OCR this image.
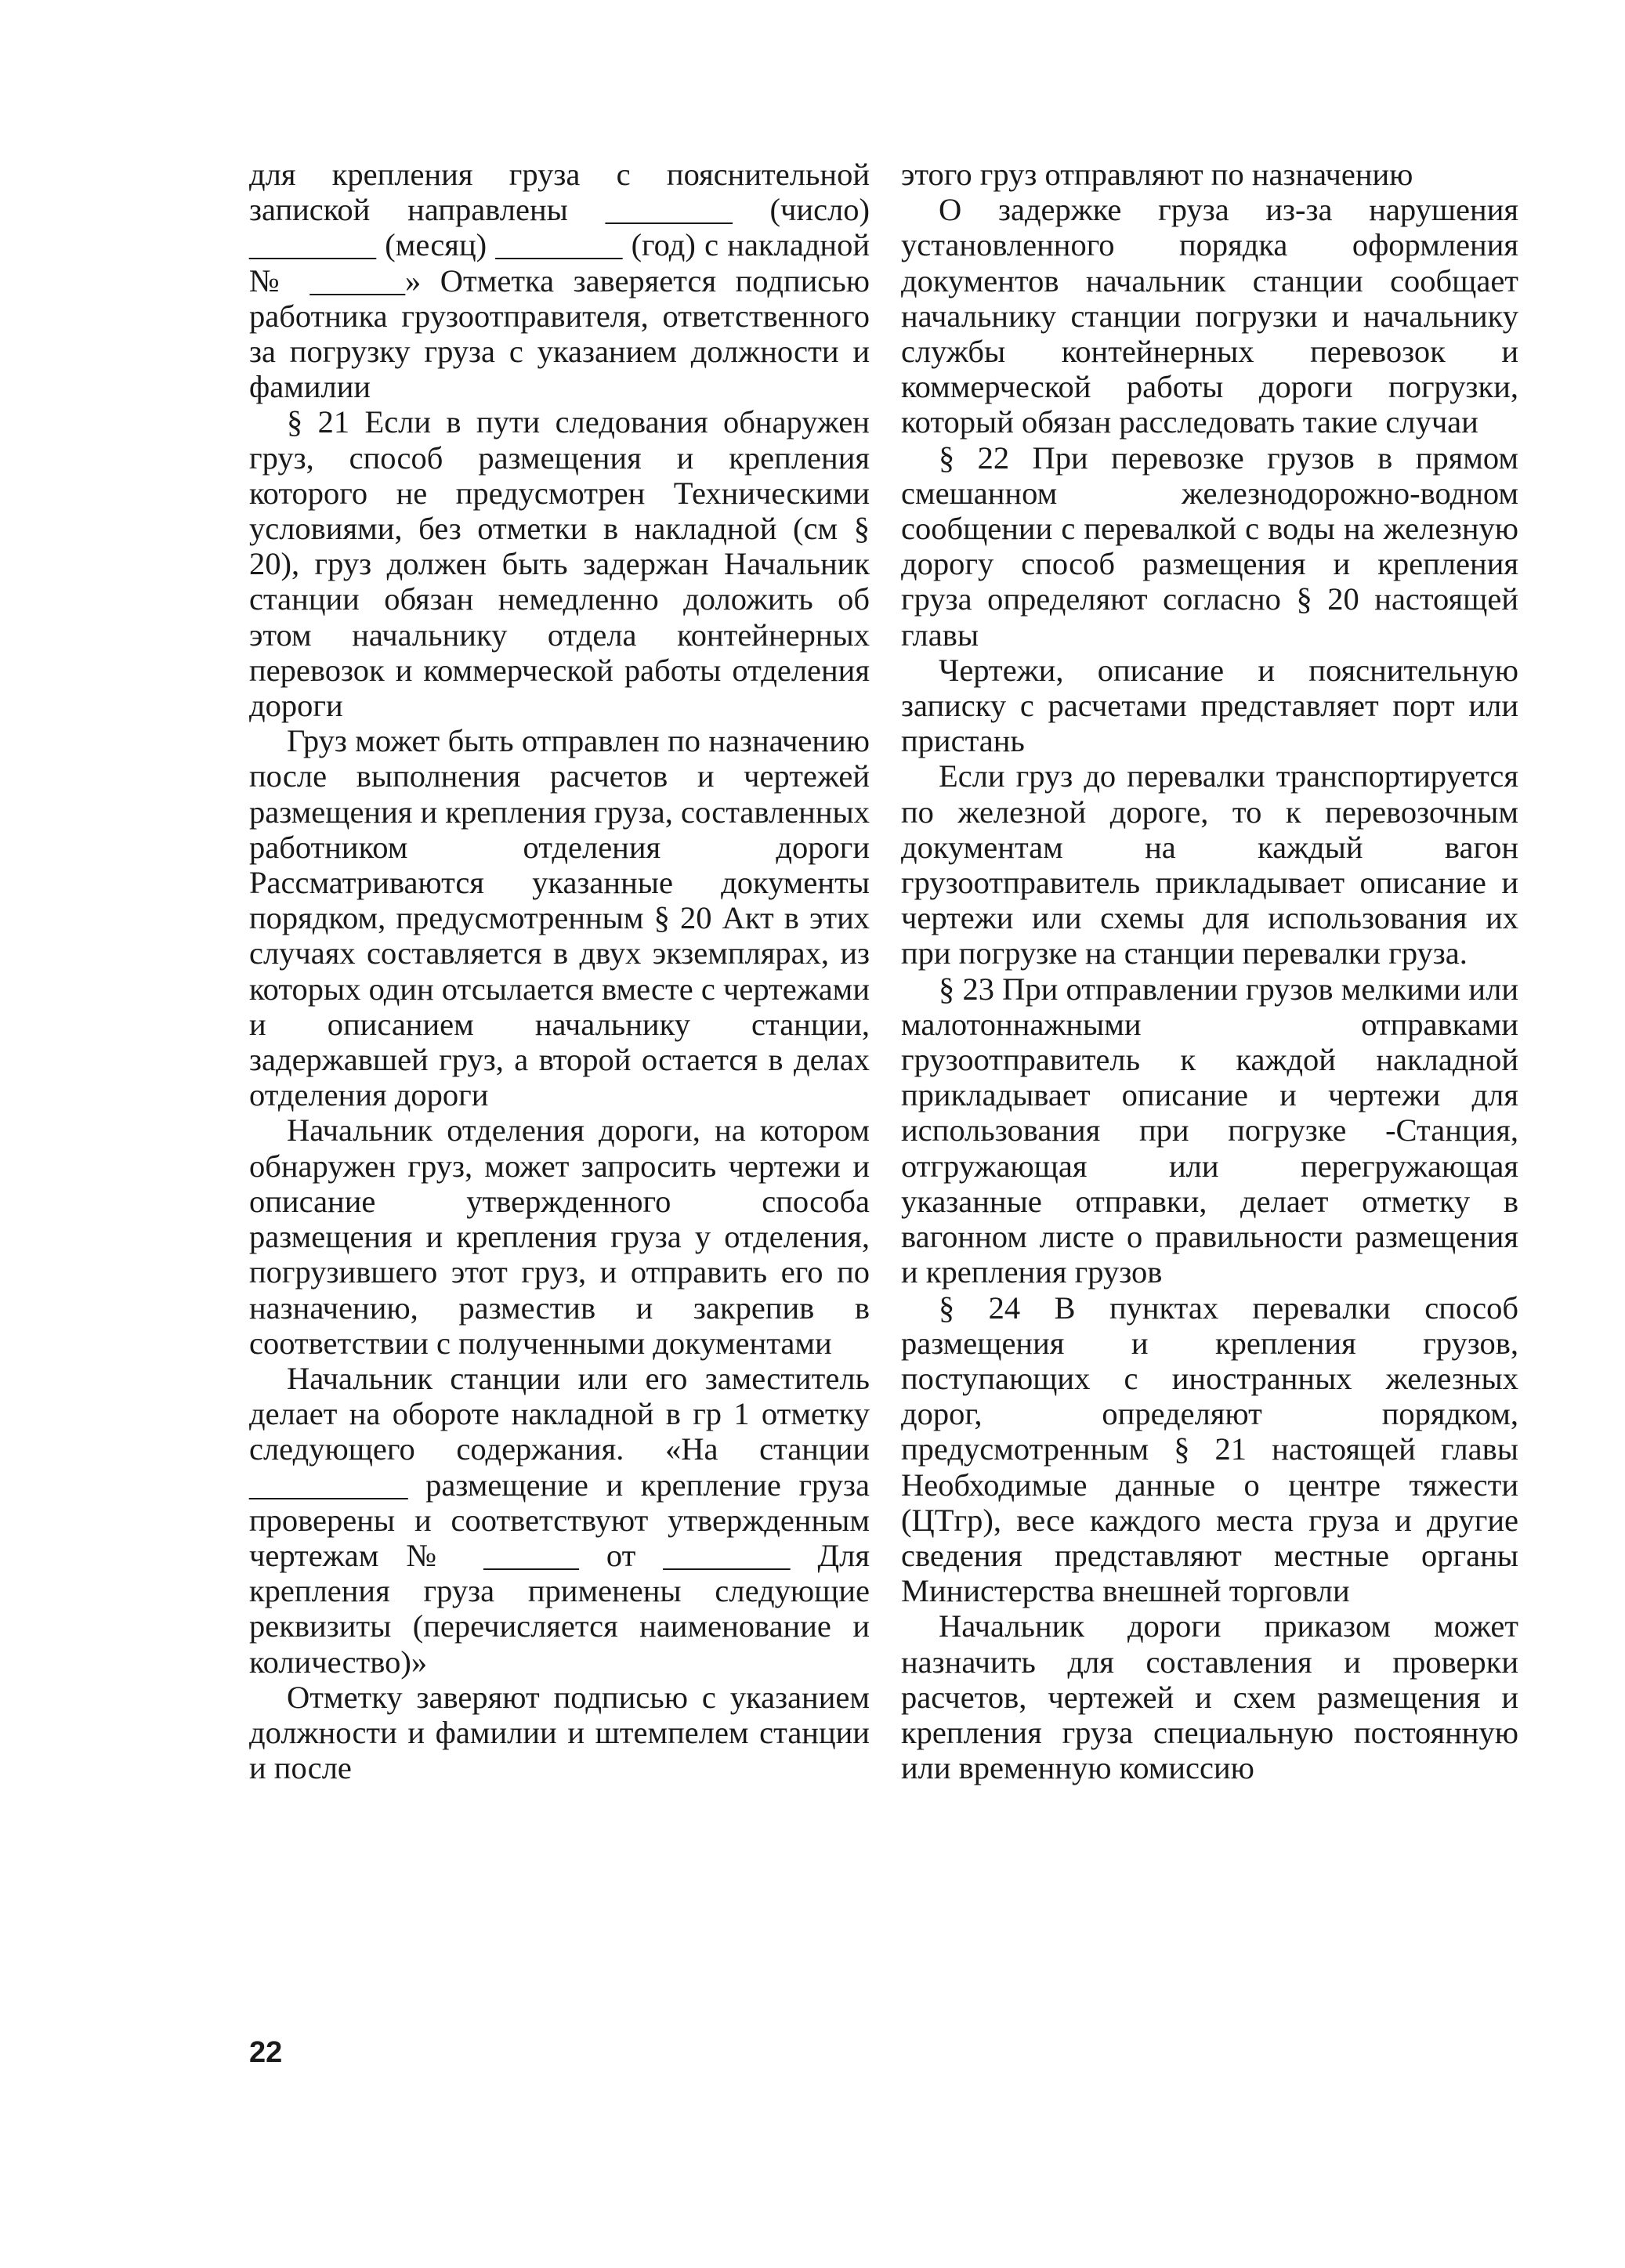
для крепления груза с пояснительной запиской направлены ________ (число) ________ (месяц) ________ (год) с накладной № ______» Отметка заверяется подписью работника грузоотправителя, ответственного за погрузку груза с указанием должности и фамилии

§ 21 Если в пути следования обнаружен груз, способ размещения и крепления которого не предусмотрен Техническими условиями, без отметки в накладной (см § 20), груз должен быть задержан Начальник станции обязан немедленно доложить об этом начальнику отдела контейнерных перевозок и коммерческой работы отделения дороги

Груз может быть отправлен по назначению после выполнения расчетов и чертежей размещения и крепления груза, составленных работником отделения дороги Рассматриваются указанные документы порядком, предусмотренным § 20 Акт в этих случаях составляется в двух экземплярах, из которых один отсылается вместе с чертежами и описанием начальнику станции, задержавшей груз, а второй остается в делах отделения дороги

Начальник отделения дороги, на котором обнаружен груз, может запросить чертежи и описание утвержденного способа размещения и крепления груза у отделения, погрузившего этот груз, и отправить его по назначению, разместив и закрепив в соответствии с полученными документами

Начальник станции или его заместитель делает на обороте накладной в гр 1 отметку следующего содержания. «На станции __________ размещение и крепление груза проверены и соответствуют утвержденным чертежам № ______ от ________ Для крепления груза применены следующие реквизиты (перечисляется наименование и количество)»

Отметку заверяют подписью с указанием должности и фамилии и штемпелем станции и после

этого груз отправляют по назначению

О задержке груза из-за нарушения установленного порядка оформления документов начальник станции сообщает начальнику станции погрузки и начальнику службы контейнерных перевозок и коммерческой работы дороги погрузки, который обязан расследовать такие случаи

§ 22 При перевозке грузов в прямом смешанном железнодорожно-водном сообщении с перевалкой с воды на железную дорогу способ размещения и крепления груза определяют согласно § 20 настоящей главы

Чертежи, описание и пояснительную записку с расчетами представляет порт или пристань

Если груз до перевалки транспортируется по железной дороге, то к перевозочным документам на каждый вагон грузоотправитель прикладывает описание и чертежи или схемы для использования их при погрузке на станции перевалки груза.

§ 23 При отправлении грузов мелкими или малотоннажными отправками грузоотправитель к каждой накладной прикладывает описание и чертежи для использования при погрузке -Станция, отгружающая или перегружающая указанные отправки, делает отметку в вагонном листе о правильности размещения и крепления грузов

§ 24 В пунктах перевалки способ размещения и крепления грузов, поступающих с иностранных железных дорог, определяют порядком, предусмотренным § 21 настоящей главы Необходимые данные о центре тяжести (ЦТгр), весе каждого места груза и другие сведения представляют местные органы Министерства внешней торговли

Начальник дороги приказом может назначить для составления и проверки расчетов, чертежей и схем размещения и крепления груза специальную постоянную или временную комиссию

22
